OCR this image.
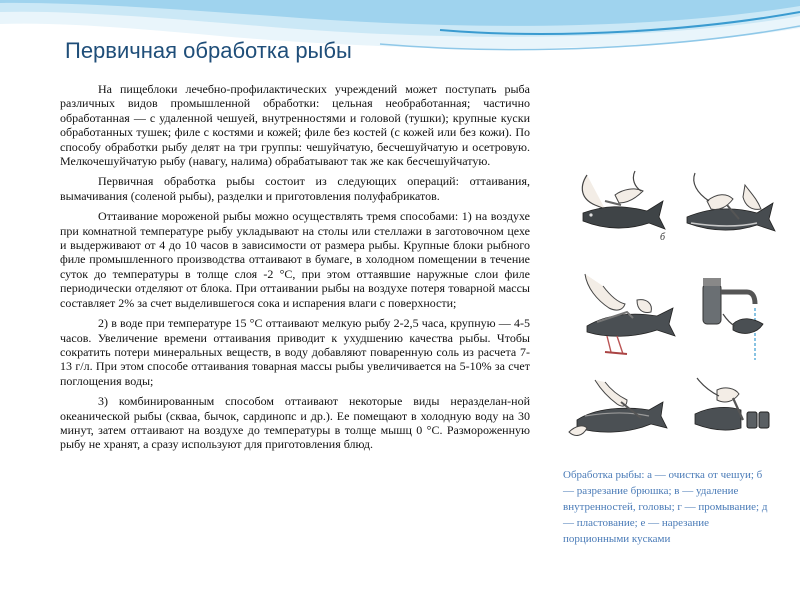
Первичная обработка рыбы

На пищеблоки лечебно-профилактических учреждений может поступать рыба различных видов промышленной обработки: цельная необработанная; частично обработанная — с удаленной чешуей, внутренностями и головой (тушки); крупные куски обработанных тушек; филе с костями и кожей; филе без костей (с кожей или без кожи). По способу обработки рыбу делят на три группы: чешуйчатую, бесчешуйчатую и осетровую. Мелкочешуйчатую рыбу (навагу, налима) обрабатывают так же как бесчешуйчатую.

Первичная обработка рыбы состоит из следующих операций: оттаивания, вымачивания (соленой рыбы), разделки и приготовления полуфабрикатов.

Оттаивание мороженой рыбы можно осуществлять тремя способами: 1) на воздухе при комнатной температуре рыбу укладывают на столы или стеллажи в заготовочном цехе и выдерживают от 4 до 10 часов в зависимости от размера рыбы. Крупные блоки рыбного филе промышленного производства оттаивают в бумаге, в холодном помещении в течение суток до температуры в толще слоя -2 °С, при этом оттаявшие наружные слои филе периодически отделяют от блока. При оттаивании рыбы на воздухе потеря товарной массы составляет 2% за счет выделившегося сока и испарения влаги с поверхности;

2) в воде при температуре 15 °С оттаивают мелкую рыбу 2-2,5 часа, крупную — 4-5 часов. Увеличение времени оттаивания приводит к ухудшению качества рыбы. Чтобы сократить потери минеральных веществ, в воду добавляют поваренную соль из расчета 7-13 г/л. При этом способе оттаивания товарная массы рыбы увеличивается на 5-10% за счет поглощения воды;

3) комбинированным способом оттаивают некоторые виды неразделан-ной океанической рыбы (скваа, бычок, сардинопс и др.). Ее помещают в холодную воду на 30 минут, затем оттаивают на воздухе до температуры в толще мышц 0 °С. Размороженную рыбу не хранят, а сразу используют для приготовления блюд.

б
Обработка рыбы: а — очистка от чешуи; б — разрезание брюшка; в — удаление внутренностей, головы; г — промывание; д — пластование; е — нарезание порционными кусками
